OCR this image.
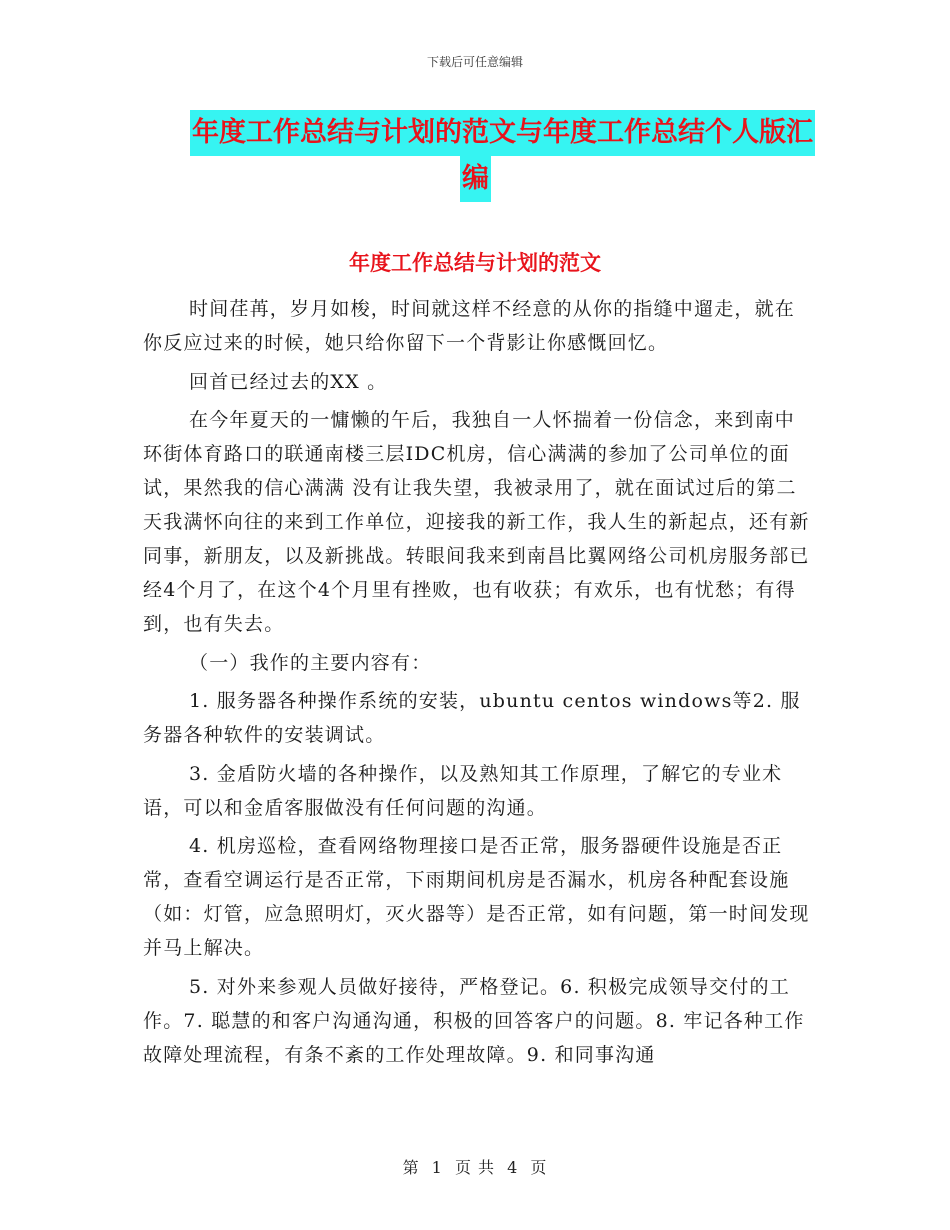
下载后可任意编辑
年度工作总结与计划的范文与年度工作总结个人版汇
编
年度工作总结与计划的范文

时间荏苒，岁月如梭，时间就这样不经意的从你的指缝中遛走，就在你反应过来的时候，她只给你留下一个背影让你感慨回忆。

回首已经过去的XX 。

在今年夏天的一慵懒的午后，我独自一人怀揣着一份信念，来到南中环街体育路口的联通南楼三层IDC机房，信心满满的参加了公司单位的面试，果然我的信心满满 没有让我失望，我被录用了，就在面试过后的第二天我满怀向往的来到工作单位，迎接我的新工作，我人生的新起点，还有新同事，新朋友，以及新挑战。转眼间我来到南昌比翼网络公司机房服务部已经4个月了，在这个4个月里有挫败，也有收获；有欢乐，也有忧愁；有得到，也有失去。

（一）我作的主要内容有：

1. 服务器各种操作系统的安装，ubuntu centos windows等2. 服务器各种软件的安装调试。

3. 金盾防火墙的各种操作，以及熟知其工作原理，了解它的专业术语，可以和金盾客服做没有任何问题的沟通。

4. 机房巡检，查看网络物理接口是否正常，服务器硬件设施是否正常，查看空调运行是否正常，下雨期间机房是否漏水，机房各种配套设施（如：灯管，应急照明灯，灭火器等）是否正常，如有问题，第一时间发现并马上解决。

5. 对外来参观人员做好接待，严格登记。6. 积极完成领导交付的工作。7. 聪慧的和客户沟通沟通，积极的回答客户的问题。8. 牢记各种工作故障处理流程，有条不紊的工作处理故障。9. 和同事沟通

第 1 页 共 4 页
